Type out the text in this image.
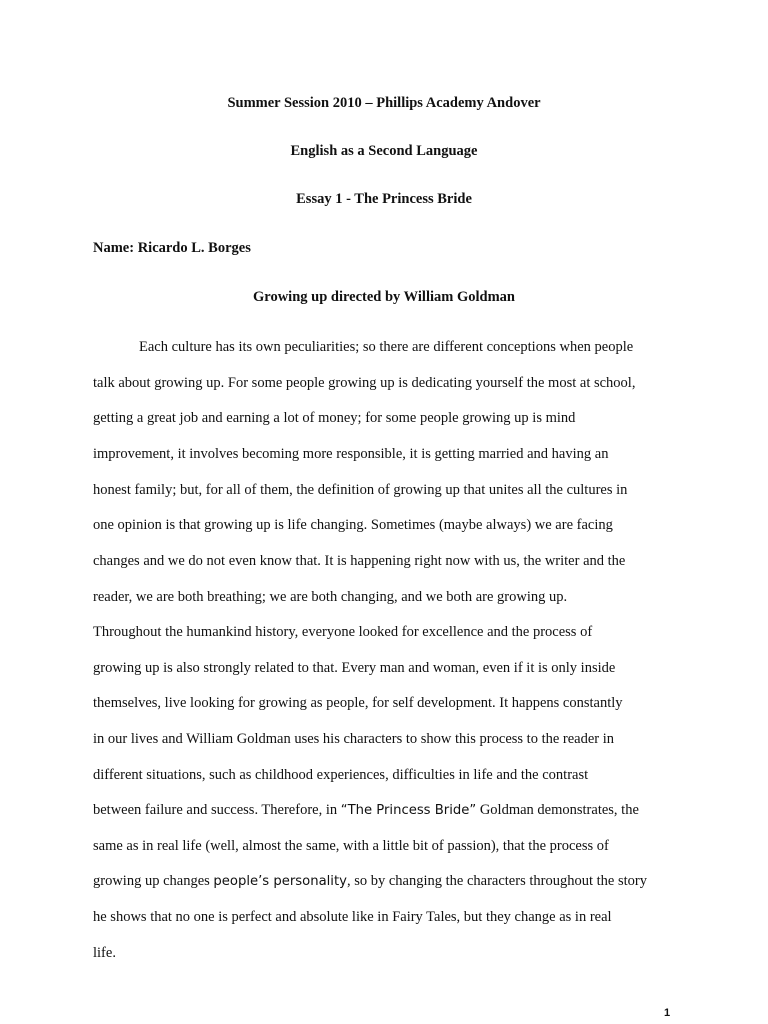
Summer Session 2010 – Phillips Academy Andover
English as a Second Language
Essay 1 - The Princess Bride
Name: Ricardo L. Borges
Growing up directed by William Goldman
Each culture has its own peculiarities; so there are different conceptions when people
talk about growing up. For some people growing up is dedicating yourself the most at school,
getting a great job and earning a lot of money; for some people growing up is mind
improvement, it involves becoming more responsible, it is getting married and having an
honest family; but, for all of them, the definition of growing up that unites all the cultures in
one opinion is that growing up is life changing. Sometimes (maybe always) we are facing
changes and we do not even know that. It is happening right now with us, the writer and the
reader, we are both breathing; we are both changing, and we both are growing up.
Throughout the humankind history, everyone looked for excellence and the process of
growing up is also strongly related to that. Every man and woman, even if it is only inside
themselves, live looking for growing as people, for self development. It happens constantly
in our lives and William Goldman uses his characters to show this process to the reader in
different situations, such as childhood experiences, difficulties in life and the contrast
between failure and success. Therefore, in “The Princess Bride” Goldman demonstrates, the
same as in real life (well, almost the same, with a little bit of passion), that the process of
growing up changes people’s personality, so by changing the characters throughout the story
he shows that no one is perfect and absolute like in Fairy Tales, but they change as in real
life.
1
